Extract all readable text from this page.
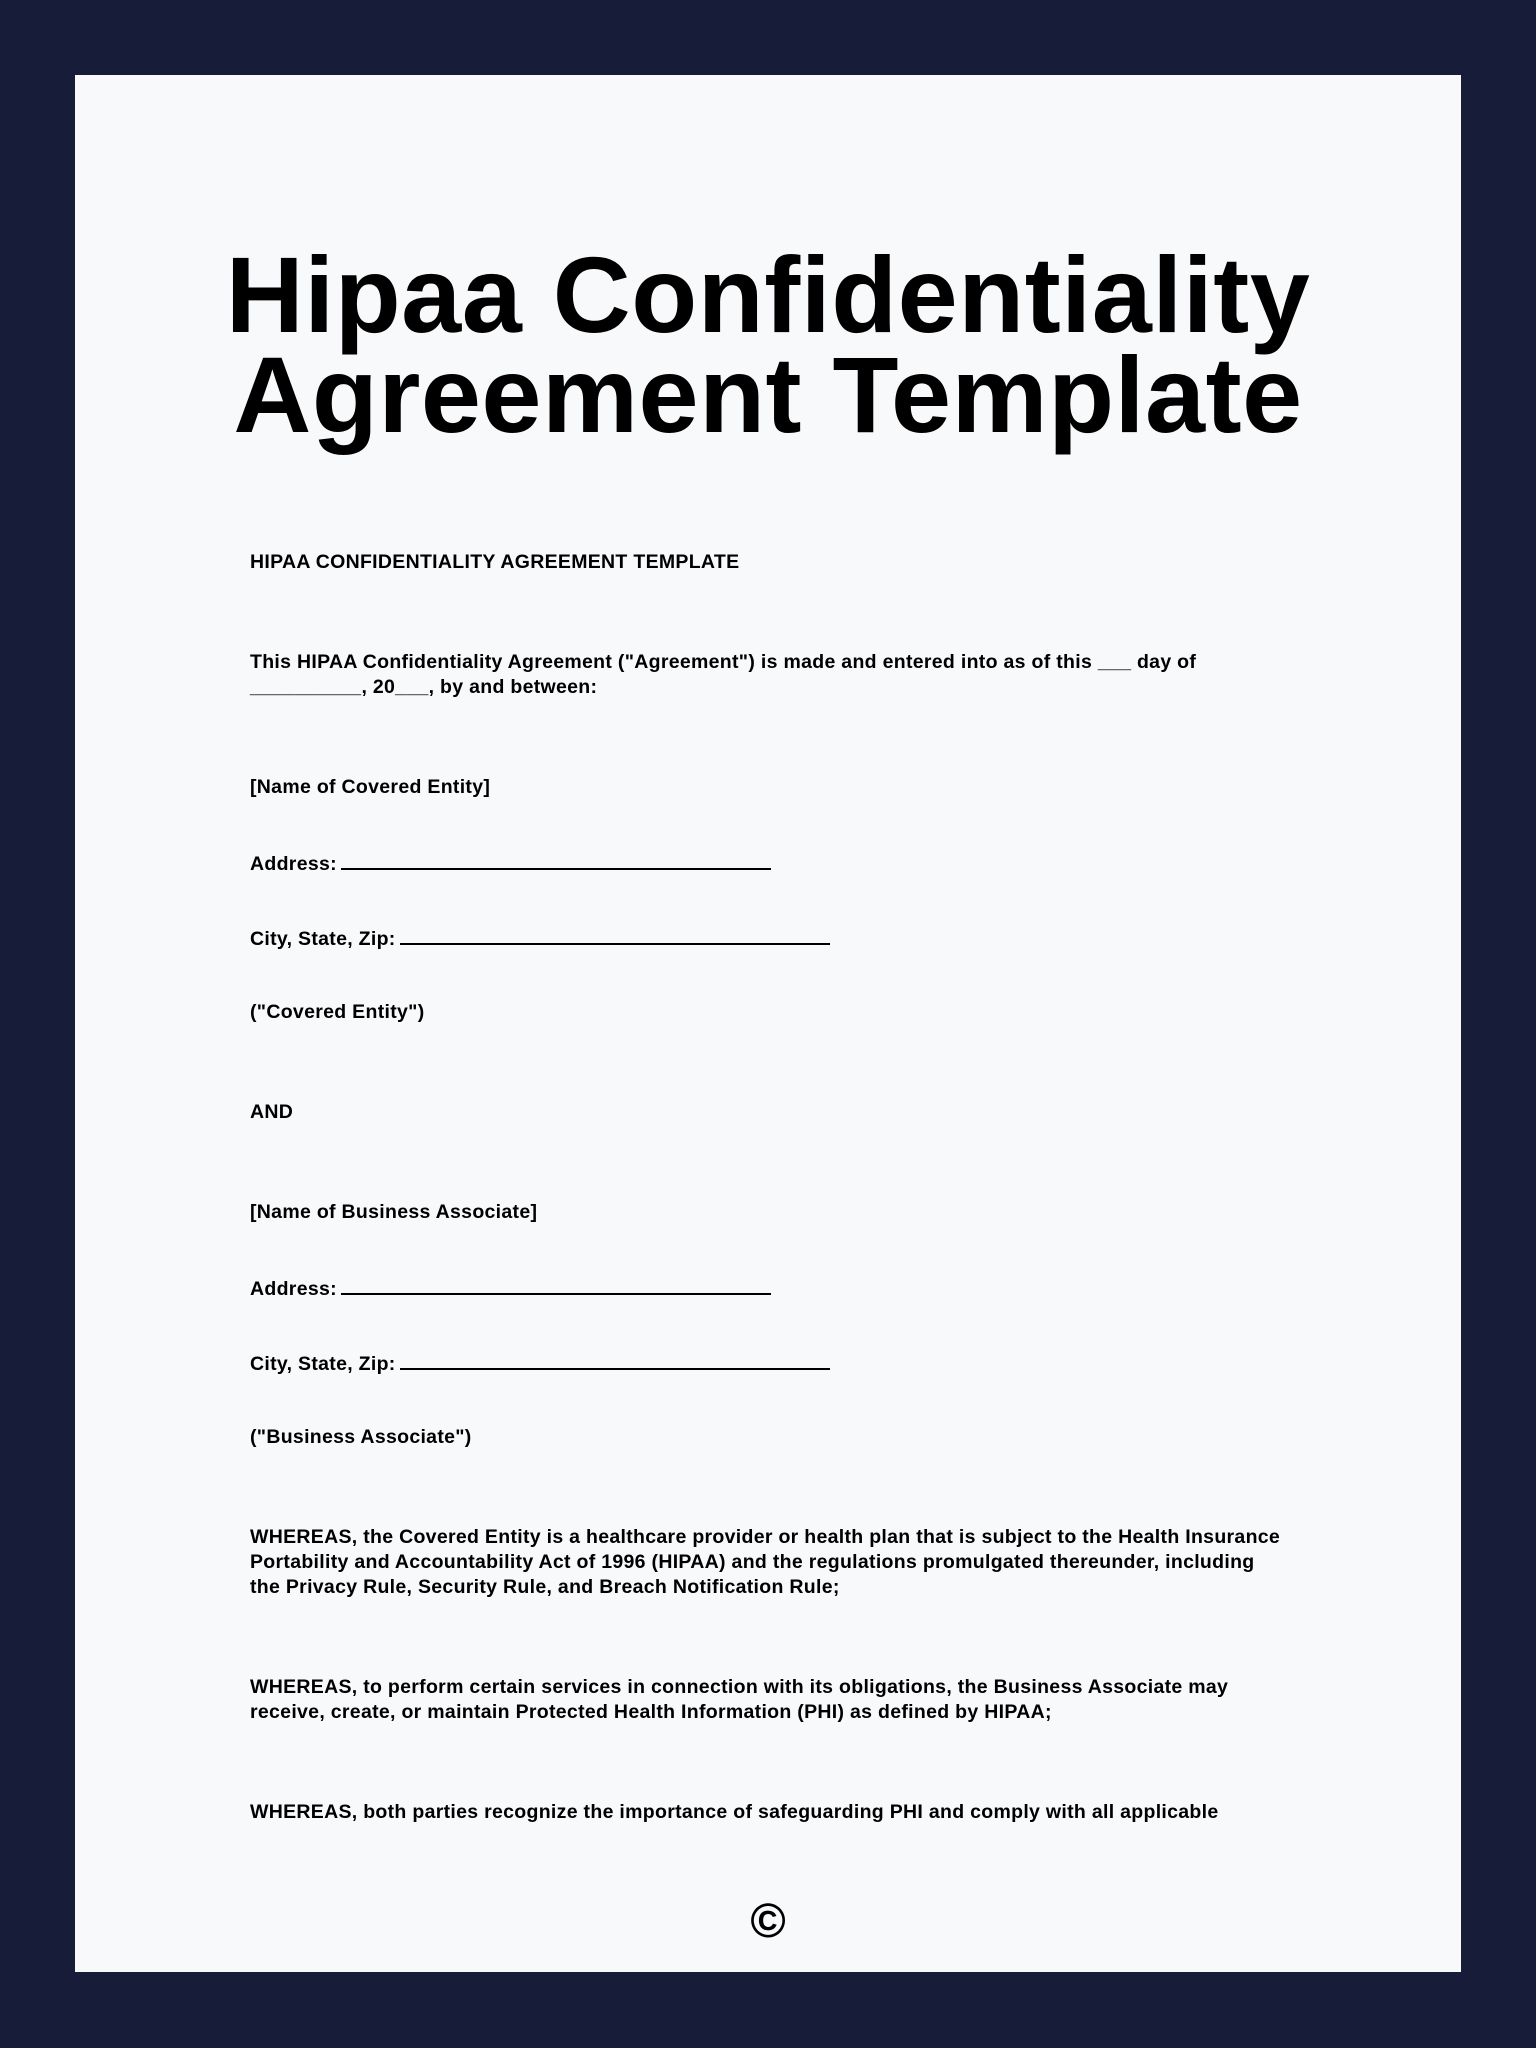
Hipaa Confidentiality
Agreement Template

HIPAA CONFIDENTIALITY AGREEMENT TEMPLATE

This HIPAA Confidentiality Agreement ("Agreement") is made and entered into as of this ___ day of

__________, 20___, by and between:

[Name of Covered Entity]

Address:

City, State, Zip:

("Covered Entity")

AND

[Name of Business Associate]

Address:

City, State, Zip:

("Business Associate")

WHEREAS, the Covered Entity is a healthcare provider or health plan that is subject to the Health Insurance

Portability and Accountability Act of 1996 (HIPAA) and the regulations promulgated thereunder, including

the Privacy Rule, Security Rule, and Breach Notification Rule;

WHEREAS, to perform certain services in connection with its obligations, the Business Associate may

receive, create, or maintain Protected Health Information (PHI) as defined by HIPAA;

WHEREAS, both parties recognize the importance of safeguarding PHI and comply with all applicable

©
